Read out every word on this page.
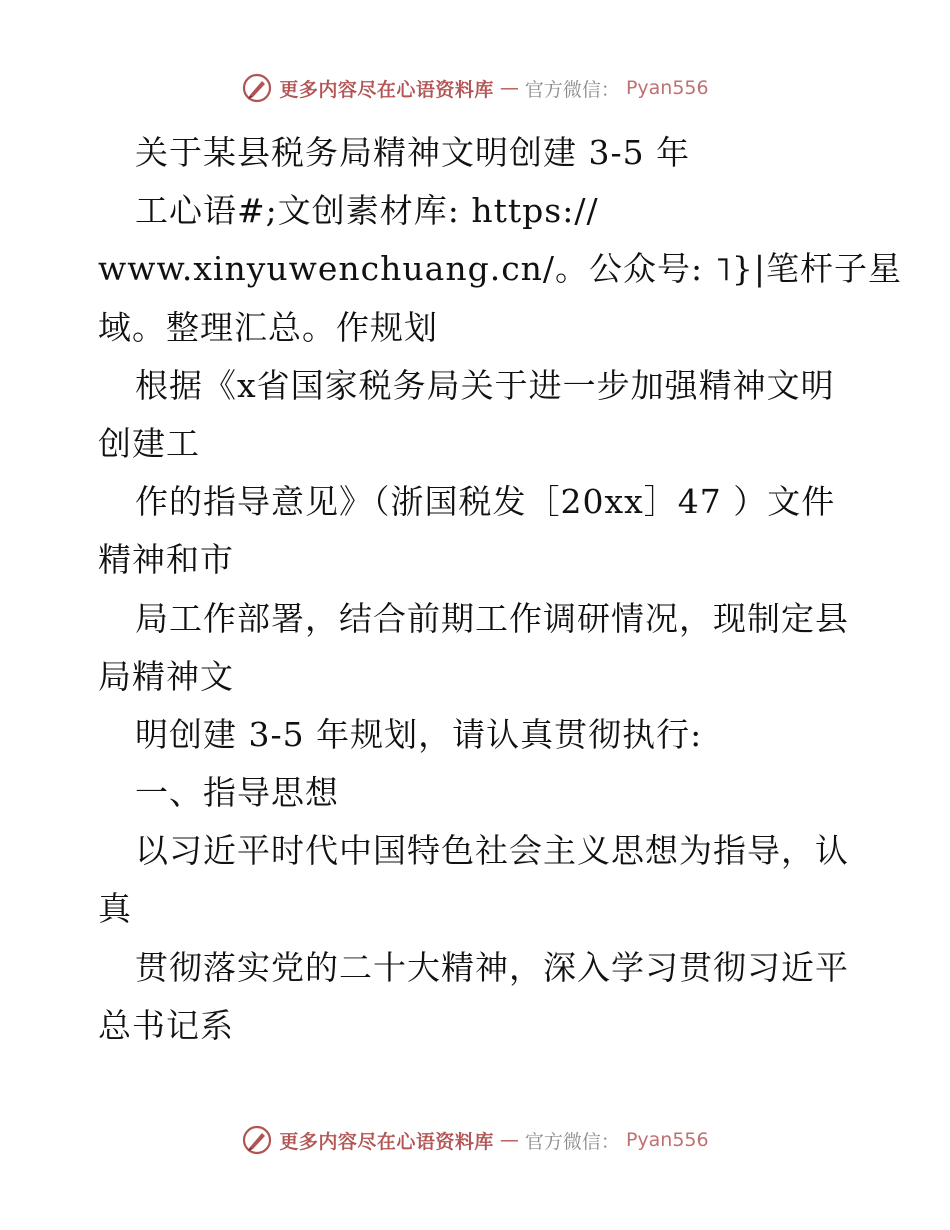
更多内容尽在心语资料库 — 官方微信： Pyan556
关于某县税务局精神文明创建 3-5 年
工心语#;文创素材库: https://
www.xinyuwenchuang.cn/。公众号: ˥}|笔杆子星
域。整理汇总。作规划
根据《x省国家税务局关于进一步加强精神文明
创建工
作的指导意见》（浙国税发［20xx］47 ）文件
精神和市
局工作部署，结合前期工作调研情况，现制定县
局精神文
明创建 3-5 年规划，请认真贯彻执行:
一、指导思想
以习近平时代中国特色社会主义思想为指导，认
真
贯彻落实党的二十大精神，深入学习贯彻习近平
总书记系
更多内容尽在心语资料库 — 官方微信： Pyan556
